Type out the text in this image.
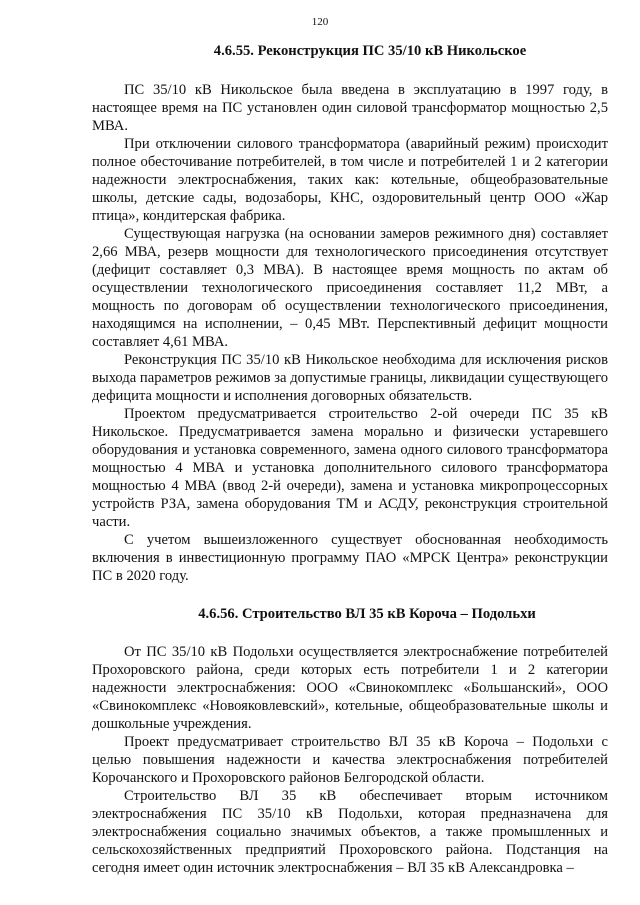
120
4.6.55. Реконструкция ПС 35/10 кВ Никольское

ПС 35/10 кВ Никольское была введена в эксплуатацию в 1997 году, в настоящее время на ПС установлен один силовой трансформатор мощностью 2,5 МВА.

При отключении силового трансформатора (аварийный режим) происходит полное обесточивание потребителей, в том числе и потребителей 1 и 2 категории надежности электроснабжения, таких как: котельные, общеобразовательные школы, детские сады, водозаборы, КНС, оздоровительный центр ООО «Жар птица», кондитерская фабрика.

Существующая нагрузка (на основании замеров режимного дня) составляет 2,66 МВА, резерв мощности для технологического присоединения отсутствует (дефицит составляет 0,3 МВА). В настоящее время мощность по актам об осуществлении технологического присоединения составляет 11,2 МВт, а мощность по договорам об осуществлении технологического присоединения, находящимся на исполнении, – 0,45 МВт. Перспективный дефицит мощности составляет 4,61 МВА.

Реконструкция ПС 35/10 кВ Никольское необходима для исключения рисков выхода параметров режимов за допустимые границы, ликвидации существующего дефицита мощности и исполнения договорных обязательств.

Проектом предусматривается строительство 2-ой очереди ПС 35 кВ Никольское. Предусматривается замена морально и физически устаревшего оборудования и установка современного, замена одного силового трансформатора мощностью 4 МВА и установка дополнительного силового трансформатора мощностью 4 МВА (ввод 2-й очереди), замена и установка микропроцессорных устройств РЗА, замена оборудования ТМ и АСДУ, реконструкция строительной части.

С учетом вышеизложенного существует обоснованная необходимость включения в инвестиционную программу ПАО «МРСК Центра» реконструкции ПС в 2020 году.

4.6.56. Строительство ВЛ 35 кВ Короча – Подольхи

От ПС 35/10 кВ Подольхи осуществляется электроснабжение потребителей Прохоровского района, среди которых есть потребители 1 и 2 категории надежности электроснабжения: ООО «Свинокомплекс «Большанский», ООО «Свинокомплекс «Новояковлевский», котельные, общеобразовательные школы и дошкольные учреждения.

Проект предусматривает строительство ВЛ 35 кВ Короча – Подольхи с целью повышения надежности и качества электроснабжения потребителей Корочанского и Прохоровского районов Белгородской области.

Строительство ВЛ 35 кВ обеспечивает вторым источником электроснабжения ПС 35/10 кВ Подольхи, которая предназначена для электроснабжения социально значимых объектов, а также промышленных и сельскохозяйственных предприятий Прохоровского района. Подстанция на сегодня имеет один источник электроснабжения – ВЛ 35 кВ Александровка –
